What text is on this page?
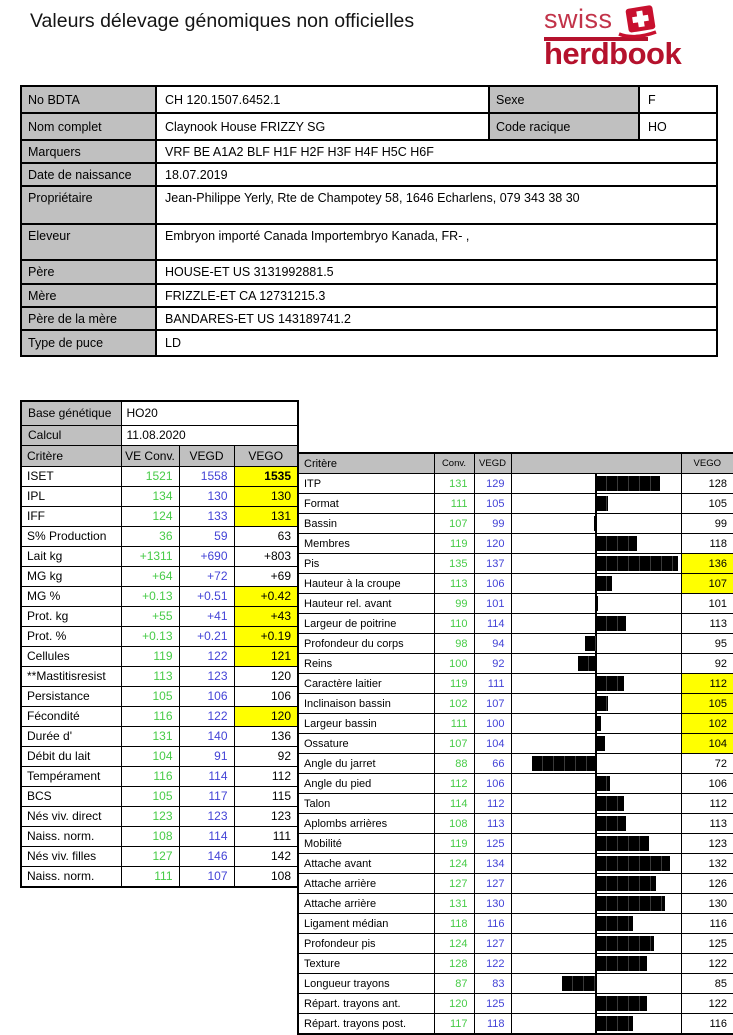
Valeurs délevage génomiques non officielles	swiss
herdbook
No BDTA	CH 120.1507.6452.1	Sexe	F
Nom complet	Claynook House FRIZZY SG	Code racique	HO
Marquers	VRF BE A1A2 BLF H1F H2F H3F H4F H5C H6F		
Date de naissance	18.07.2019		
Propriétaire	Jean-Philippe Yerly, Rte de Champotey 58, 1646 Echarlens, 079 343 38 30		
Eleveur	Embryon importé Canada Importembryo Kanada, FR- ,		
Père	HOUSE-ET US 3131992881.5		
Mère	FRIZZLE-ET CA 12731215.3		
Père de la mère	BANDARES-ET US 143189741.2		
Type de puce	LD		
Base génétique	HO20		
Calcul	11.08.2020		
Critère	VE Conv.	VEGD	VEGO
ISET	1521	1558	1535
IPL	134	130	130
IFF	124	133	131
S% Production	36	59	63
Lait kg	+1311	+690	+803
MG kg	+64	+72	+69
MG %	+0.13	+0.51	+0.42
Prot. kg	+55	+41	+43
Prot. %	+0.13	+0.21	+0.19
Cellules	119	122	121
**Mastitisresist	113	123	120
Persistance	105	106	106
Fécondité	116	122	120
Durée d'	131	140	136
Débit du lait	104	91	92
Tempérament	116	114	112
BCS	105	117	115
Nés viv. direct	123	123	123
Naiss. norm.	108	114	111
Nés viv. filles	127	146	142
Naiss. norm.	111	107	108
Critère	Conv.	VEGD		VEGO
ITP	131	129		128
Format	111	105		105
Bassin	107	99		99
Membres	119	120		118
Pis	135	137		136
Hauteur à la croupe	113	106		107
Hauteur rel. avant	99	101		101
Largeur de poitrine	110	114		113
Profondeur du corps	98	94		95
Reins	100	92		92
Caractère laitier	119	111		112
Inclinaison bassin	102	107		105
Largeur bassin	111	100		102
Ossature	107	104		104
Angle du jarret	88	66		72
Angle du pied	112	106		106
Talon	114	112		112
Aplombs arrières	108	113		113
Mobilité	119	125		123
Attache avant	124	134		132
Attache arrière	127	127		126
Attache arrière	131	130		130
Ligament médian	118	116		116
Profondeur pis	124	127		125
Texture	128	122		122
Longueur trayons	87	83		85
Répart. trayons ant.	120	125		122
Répart. trayons post.	117	118		116
